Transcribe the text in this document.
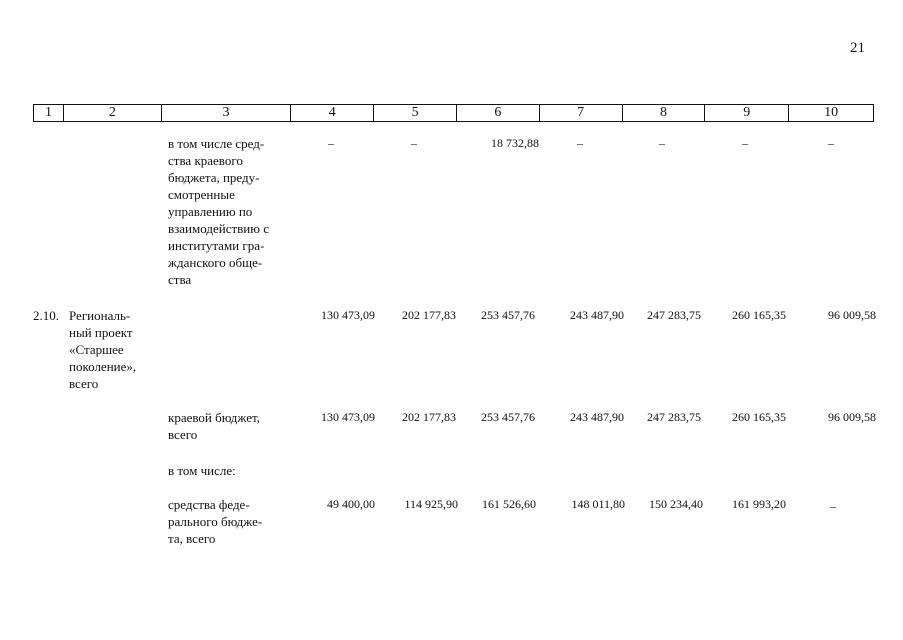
21
1	2	3	4	5	6	7	8	9	10
в том числе сред-
ства краевого
бюджета, преду-
смотренные
управлению по
взаимодействию с
институтами гра-
жданского обще-
ства
–	–	18 732,88	–	–	–	–
2.10. Региональ-
ный проект
«Старшее
поколение»,
всего
130 473,09	202 177,83	253 457,76	243 487,90	247 283,75	260 165,35	96 009,58
краевой бюджет,
всего
130 473,09	202 177,83	253 457,76	243 487,90	247 283,75	260 165,35	96 009,58
в том числе:
средства феде-
рального бюдже-
та, всего
49 400,00	114 925,90	161 526,60	148 011,80	150 234,40	161 993,20	–
